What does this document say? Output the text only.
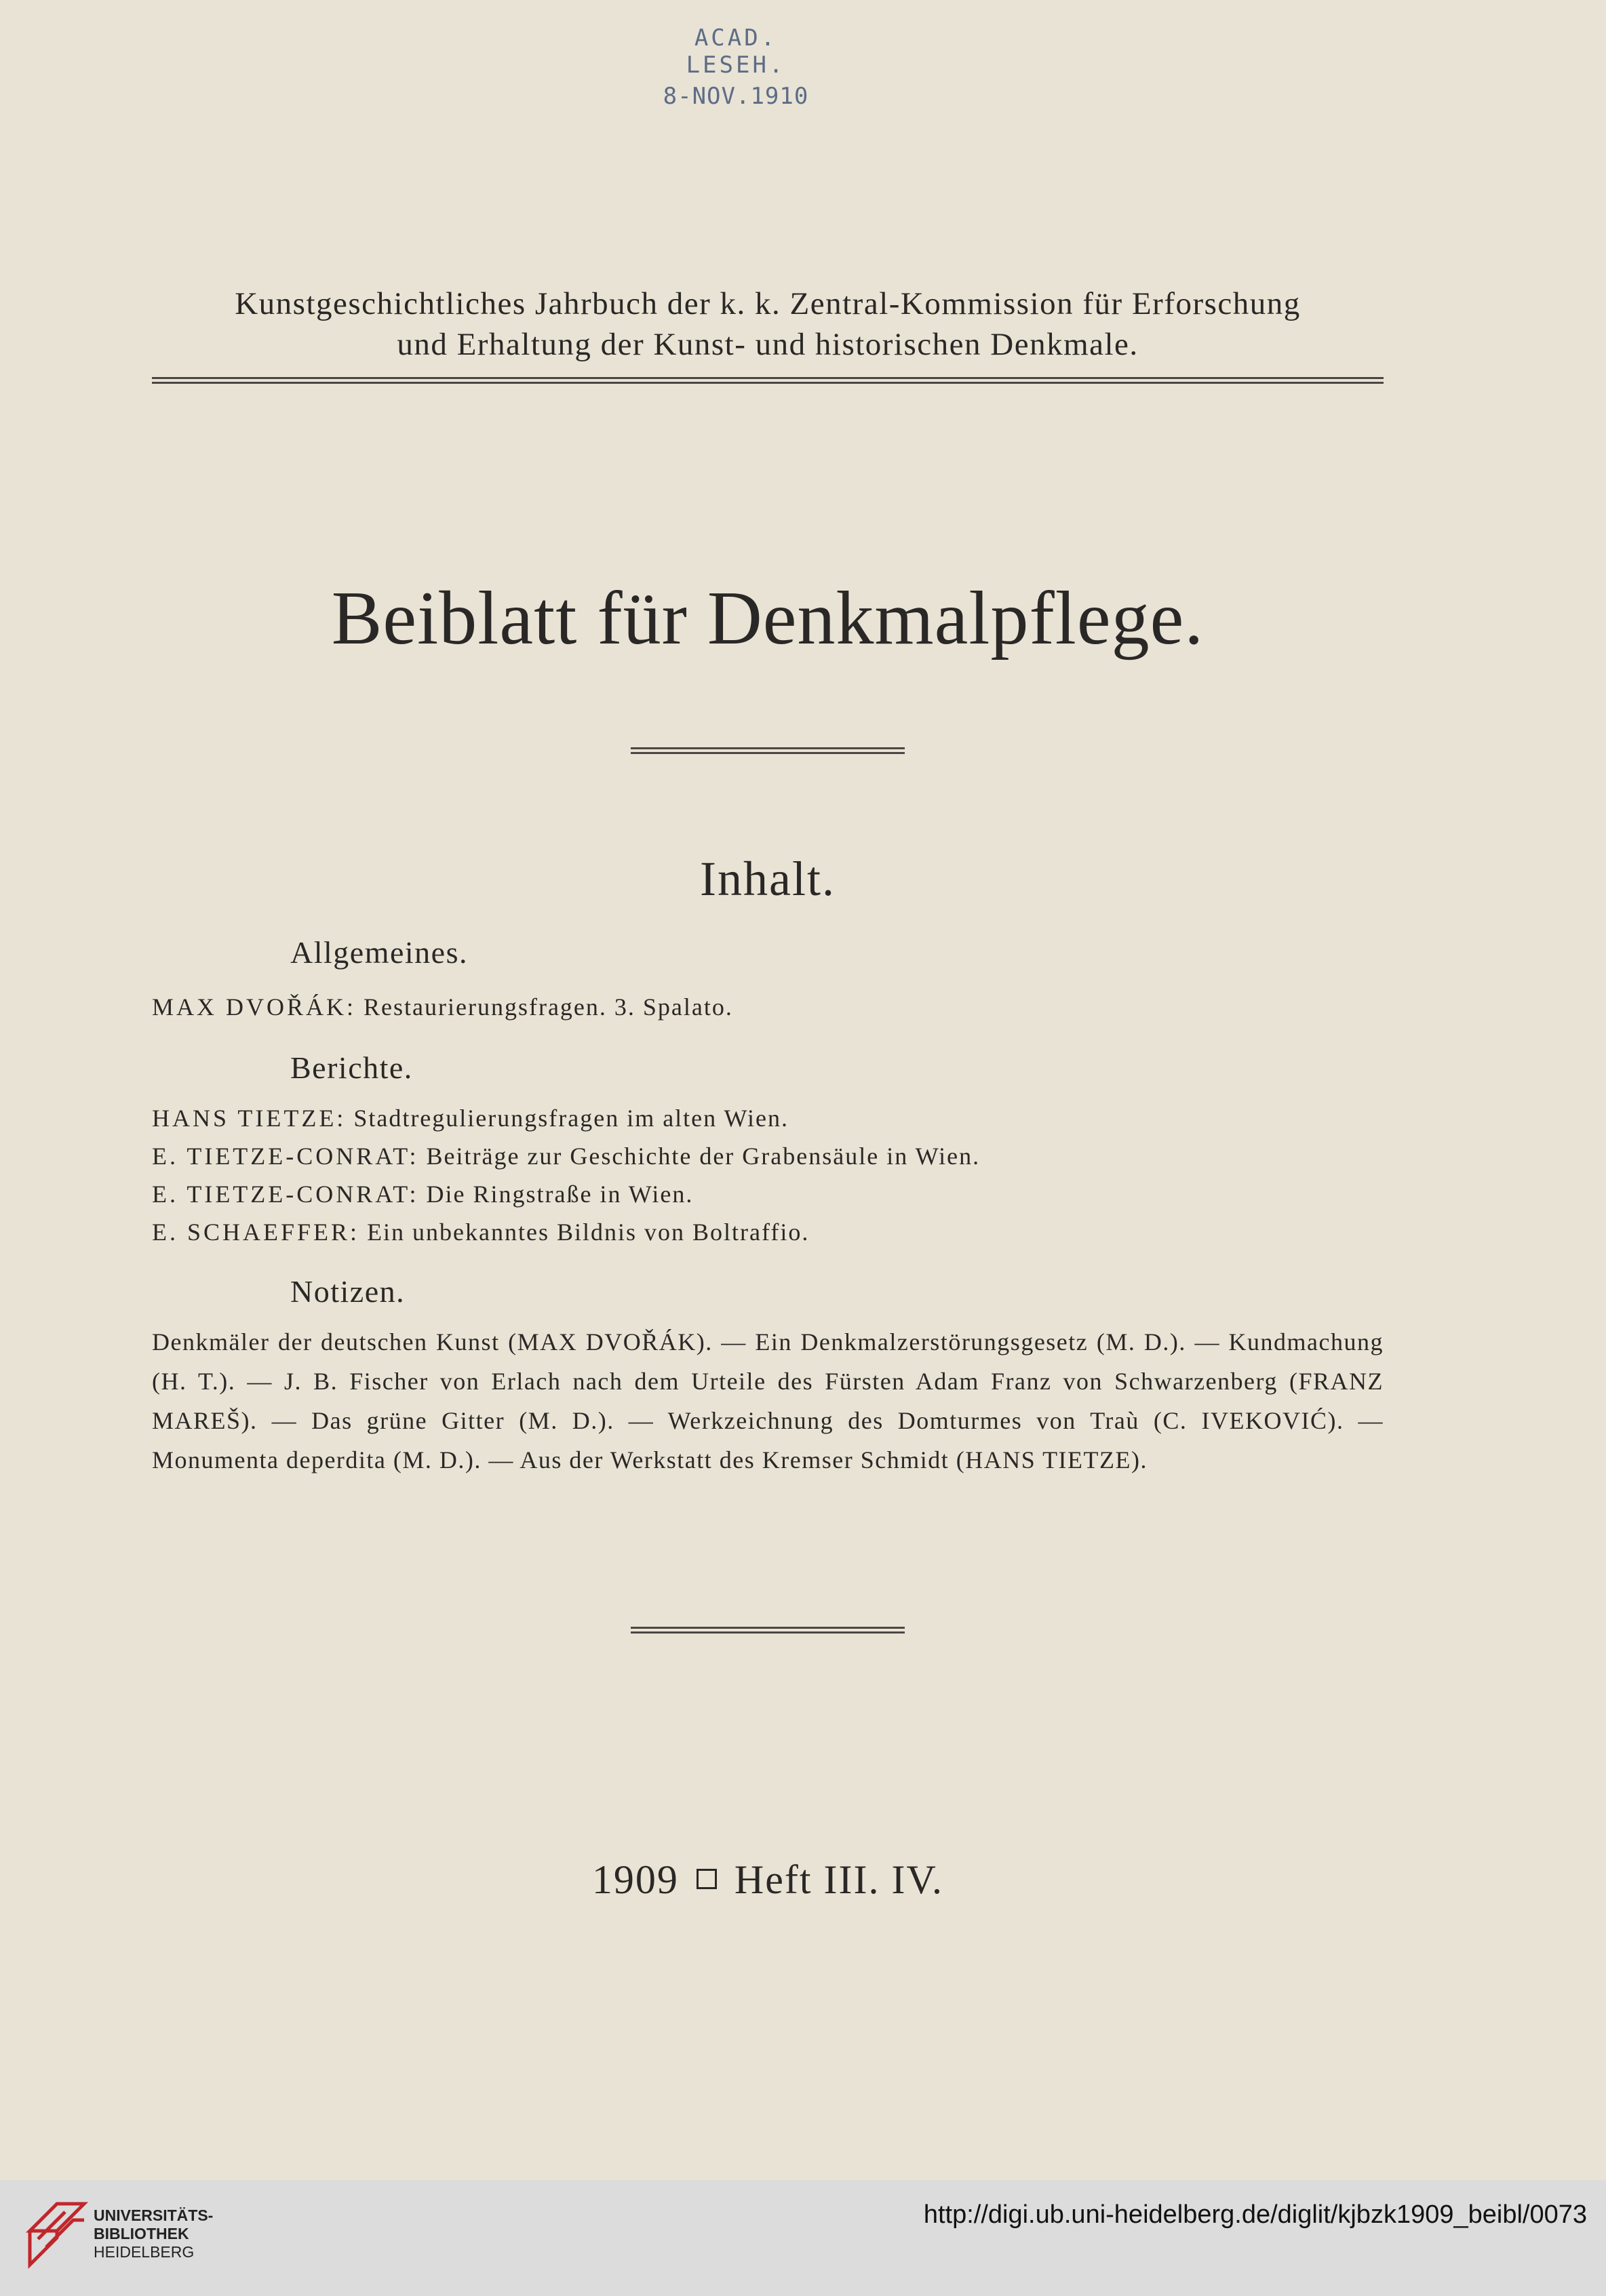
ACAD. LESEH.
8-NOV.1910
Kunstgeschichtliches Jahrbuch der k. k. Zentral-Kommission für Erforschung
und Erhaltung der Kunst- und historischen Denkmale.
Beiblatt für Denkmalpflege.
Inhalt.
Allgemeines.
MAX DVOŘÁK: Restaurierungsfragen. 3. Spalato.
Berichte.
HANS TIETZE: Stadtregulierungsfragen im alten Wien.
E. TIETZE-CONRAT: Beiträge zur Geschichte der Grabensäule in Wien.
E. TIETZE-CONRAT: Die Ringstraße in Wien.
E. SCHAEFFER: Ein unbekanntes Bildnis von Boltraffio.
Notizen.
Denkmäler der deutschen Kunst (MAX DVOŘÁK). — Ein Denkmalzerstörungsgesetz (M. D.). — Kundmachung (H. T.). — J. B. Fischer von Erlach nach dem Urteile des Fürsten Adam Franz von Schwarzenberg (FRANZ MAREŠ). — Das grüne Gitter (M. D.). — Werkzeichnung des Domturmes von Traù (C. IVEKOVIĆ). — Monumenta deperdita (M. D.). — Aus der Werkstatt des Kremser Schmidt (HANS TIETZE).
1909 Heft III. IV.
UNIVERSITÄTS-
BIBLIOTHEK
HEIDELBERG
http://digi.ub.uni-heidelberg.de/diglit/kjbzk1909_beibl/0073
